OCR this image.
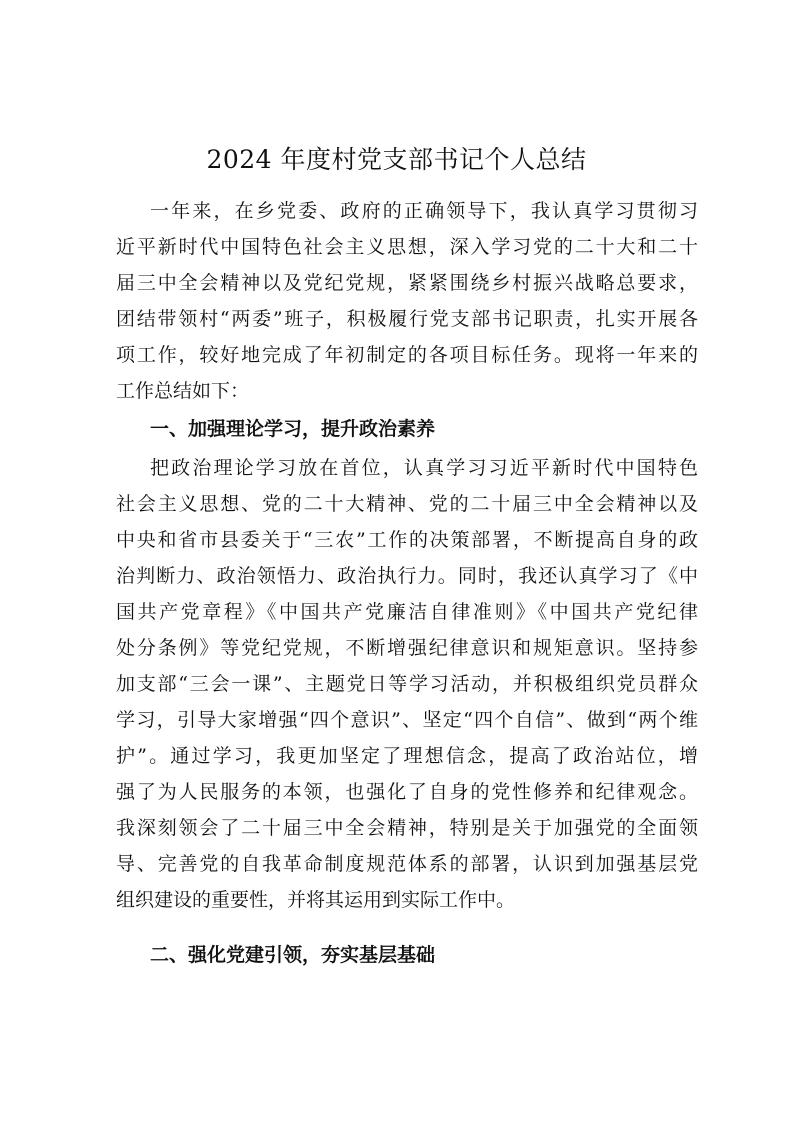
2024 年度村党支部书记个人总结
一年来，在乡党委、政府的正确领导下，我认真学习贯彻习
近平新时代中国特色社会主义思想，深入学习党的二十大和二十
届三中全会精神以及党纪党规，紧紧围绕乡村振兴战略总要求，
团结带领村“两委”班子，积极履行党支部书记职责，扎实开展各
项工作，较好地完成了年初制定的各项目标任务。现将一年来的
工作总结如下：
一、加强理论学习，提升政治素养
把政治理论学习放在首位，认真学习习近平新时代中国特色
社会主义思想、党的二十大精神、党的二十届三中全会精神以及
中央和省市县委关于“三农”工作的决策部署，不断提高自身的政
治判断力、政治领悟力、政治执行力。同时，我还认真学习了《中
国共产党章程》《中国共产党廉洁自律准则》《中国共产党纪律
处分条例》等党纪党规，不断增强纪律意识和规矩意识。坚持参
加支部“三会一课”、主题党日等学习活动，并积极组织党员群众
学习，引导大家增强“四个意识”、坚定“四个自信”、做到“两个维
护”。通过学习，我更加坚定了理想信念，提高了政治站位，增
强了为人民服务的本领，也强化了自身的党性修养和纪律观念。
我深刻领会了二十届三中全会精神，特别是关于加强党的全面领
导、完善党的自我革命制度规范体系的部署，认识到加强基层党
组织建设的重要性，并将其运用到实际工作中。
二、强化党建引领，夯实基层基础
